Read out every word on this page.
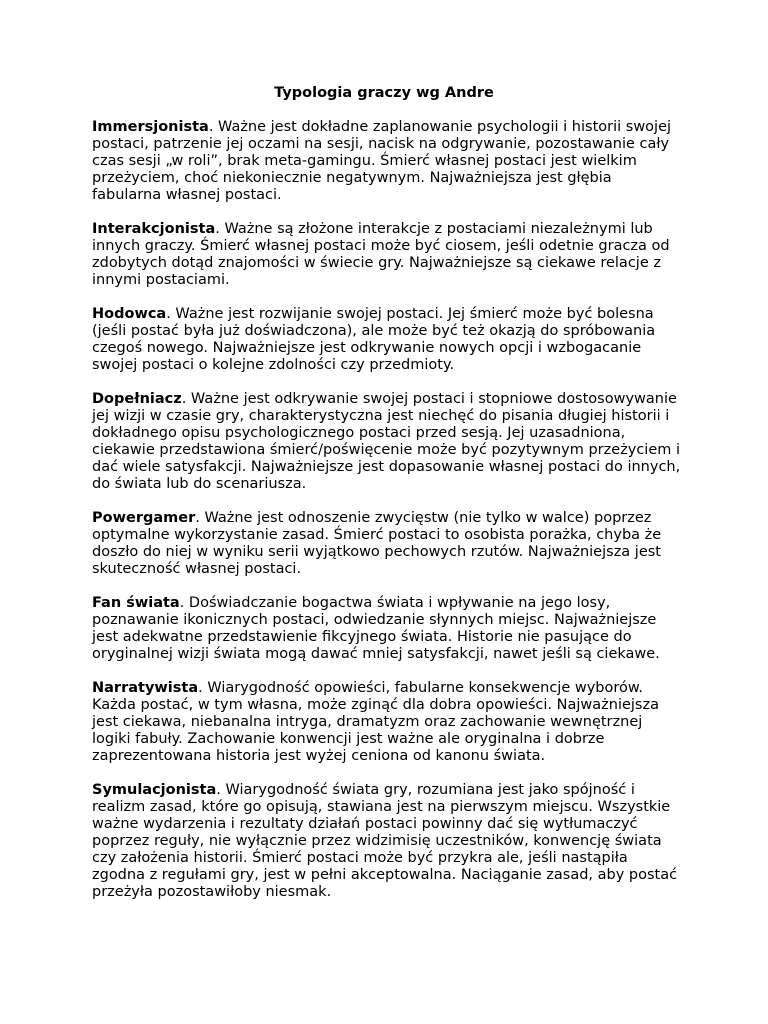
Typologia graczy wg Andre

Immersjonista. Ważne jest dokładne zaplanowanie psychologii i historii swojej postaci, patrzenie jej oczami na sesji, nacisk na odgrywanie, pozostawanie cały czas sesji „w roli”, brak meta-gamingu. Śmierć własnej postaci jest wielkim przeżyciem, choć niekoniecznie negatywnym. Najważniejsza jest głębia fabularna własnej postaci.

Interakcjonista. Ważne są złożone interakcje z postaciami niezależnymi lub innych graczy. Śmierć własnej postaci może być ciosem, jeśli odetnie gracza od zdobytych dotąd znajomości w świecie gry. Najważniejsze są ciekawe relacje z innymi postaciami.

Hodowca. Ważne jest rozwijanie swojej postaci. Jej śmierć może być bolesna (jeśli postać była już doświadczona), ale może być też okazją do spróbowania czegoś nowego. Najważniejsze jest odkrywanie nowych opcji i wzbogacanie swojej postaci o kolejne zdolności czy przedmioty.

Dopełniacz. Ważne jest odkrywanie swojej postaci i stopniowe dostosowywanie jej wizji w czasie gry, charakterystyczna jest niechęć do pisania długiej historii i dokładnego opisu psychologicznego postaci przed sesją. Jej uzasadniona, ciekawie przedstawiona śmierć/poświęcenie może być pozytywnym przeżyciem i dać wiele satysfakcji. Najważniejsze jest dopasowanie własnej postaci do innych, do świata lub do scenariusza.

Powergamer. Ważne jest odnoszenie zwycięstw (nie tylko w walce) poprzez optymalne wykorzystanie zasad. Śmierć postaci to osobista porażka, chyba że doszło do niej w wyniku serii wyjątkowo pechowych rzutów. Najważniejsza jest skuteczność własnej postaci.

Fan świata. Doświadczanie bogactwa świata i wpływanie na jego losy, poznawanie ikonicznych postaci, odwiedzanie słynnych miejsc. Najważniejsze jest adekwatne przedstawienie fikcyjnego świata. Historie nie pasujące do oryginalnej wizji świata mogą dawać mniej satysfakcji, nawet jeśli są ciekawe.

Narratywista. Wiarygodność opowieści, fabularne konsekwencje wyborów. Każda postać, w tym własna, może zginąć dla dobra opowieści. Najważniejsza jest ciekawa, niebanalna intryga, dramatyzm oraz zachowanie wewnętrznej logiki fabuły. Zachowanie konwencji jest ważne ale oryginalna i dobrze zaprezentowana historia jest wyżej ceniona od kanonu świata.

Symulacjonista. Wiarygodność świata gry, rozumiana jest jako spójność i realizm zasad, które go opisują, stawiana jest na pierwszym miejscu. Wszystkie ważne wydarzenia i rezultaty działań postaci powinny dać się wytłumaczyć poprzez reguły, nie wyłącznie przez widzimisię uczestników, konwencję świata czy założenia historii. Śmierć postaci może być przykra ale, jeśli nastąpiła zgodna z regułami gry, jest w pełni akceptowalna. Naciąganie zasad, aby postać przeżyła pozostawiłoby niesmak.
